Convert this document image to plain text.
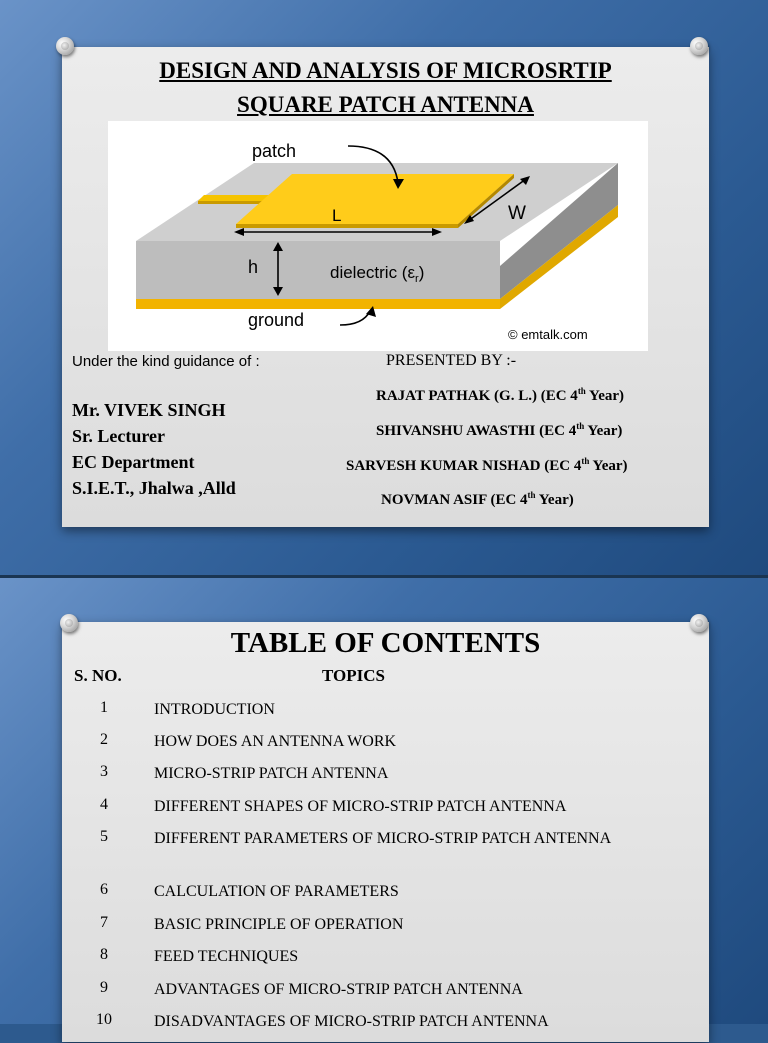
DESIGN AND ANALYSIS OF MICROSRTIP
SQUARE PATCH ANTENNA
patch
L	W
h	dielectric $(\varepsilon_r)$
ground
© emtalk.com
Under the kind guidance of :
Mr. VIVEK SINGH
Sr. Lecturer
EC Department
S.I.E.T., Jhalwa ,Alld
PRESENTED BY :-
RAJAT PATHAK (G. L.) (EC 4th Year)
SHIVANSHU AWASTHI (EC 4th Year)
SARVESH KUMAR NISHAD (EC 4th Year)
NOVMAN ASIF (EC 4th Year)
TABLE OF CONTENTS
S. NO.	TOPICS
1	INTRODUCTION
2	HOW DOES AN ANTENNA WORK
3	MICRO-STRIP PATCH ANTENNA
4	DIFFERENT SHAPES OF MICRO-STRIP PATCH ANTENNA
5	DIFFERENT PARAMETERS OF MICRO-STRIP PATCH ANTENNA
6	CALCULATION OF PARAMETERS
7	BASIC PRINCIPLE OF OPERATION
8	FEED TECHNIQUES
9	ADVANTAGES OF MICRO-STRIP PATCH ANTENNA
10	DISADVANTAGES OF MICRO-STRIP PATCH ANTENNA
